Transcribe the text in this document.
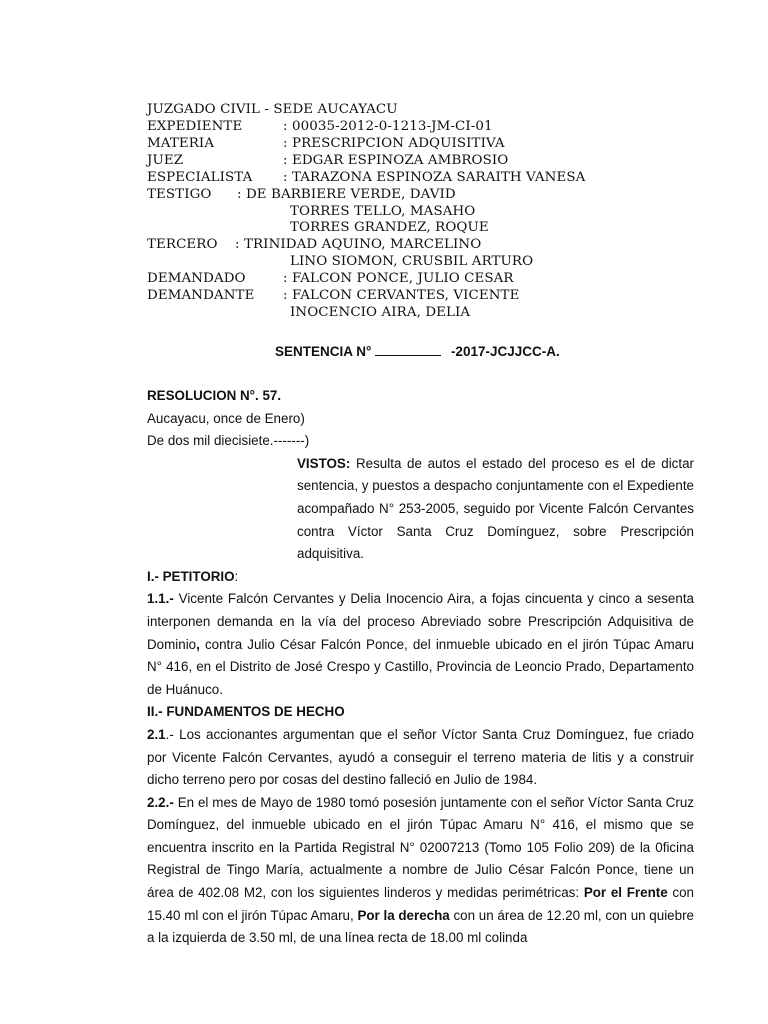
JUZGADO CIVIL - SEDE AUCAYACU
EXPEDIENTE	: 00035-2012-0-1213-JM-CI-01
MATERIA	: PRESCRIPCION ADQUISITIVA
JUEZ	: EDGAR ESPINOZA AMBROSIO
ESPECIALISTA : TARAZONA ESPINOZA SARAITH VANESA
TESTIGO : DE BARBIERE VERDE, DAVID
TORRES TELLO, MASAHO
TORRES GRANDEZ, ROQUE
TERCERO : TRINIDAD AQUINO, MARCELINO
LINO SIOMON, CRUSBIL ARTURO
DEMANDADO	: FALCON PONCE, JULIO CESAR
DEMANDANTE : FALCON CERVANTES, VICENTE
INOCENCIO AIRA, DELIA
SENTENCIA N°	-2017-JCJJCC-A.

RESOLUCION N°. 57.

Aucayacu, once de Enero)

De dos mil diecisiete.-------)

VISTOS: Resulta de autos el estado del proceso es el de dictar sentencia, y puestos a despacho conjuntamente con el Expediente acompañado N° 253-2005, seguido por Vicente Falcón Cervantes contra Víctor Santa Cruz Domínguez, sobre Prescripción adquisitiva.

I.- PETITORIO:

1.1.- Vicente Falcón Cervantes y Delia Inocencio Aira, a fojas cincuenta y cinco a sesenta interponen demanda en la vía del proceso Abreviado sobre Prescripción Adquisitiva de Dominio, contra Julio César Falcón Ponce, del inmueble ubicado en el jirón Túpac Amaru N° 416, en el Distrito de José Crespo y Castillo, Provincia de Leoncio Prado, Departamento de Huánuco.

II.- FUNDAMENTOS DE HECHO

2.1.- Los accionantes argumentan que el señor Víctor Santa Cruz Domínguez, fue criado por Vicente Falcón Cervantes, ayudó a conseguir el terreno materia de litis y a construir dicho terreno pero por cosas del destino falleció en Julio de 1984.

2.2.- En el mes de Mayo de 1980 tomó posesión juntamente con el señor Víctor Santa Cruz Domínguez, del inmueble ubicado en el jirón Túpac Amaru N° 416, el mismo que se encuentra inscrito en la Partida Registral N° 02007213 (Tomo 105 Folio 209) de la 0ficina Registral de Tingo María, actualmente a nombre de Julio César Falcón Ponce, tiene un área de 402.08 M2, con los siguientes linderos y medidas perimétricas: Por el Frente con 15.40 ml con el jirón Túpac Amaru, Por la derecha con un área de 12.20 ml, con un quiebre a la izquierda de 3.50 ml, de una línea recta de 18.00 ml colinda
